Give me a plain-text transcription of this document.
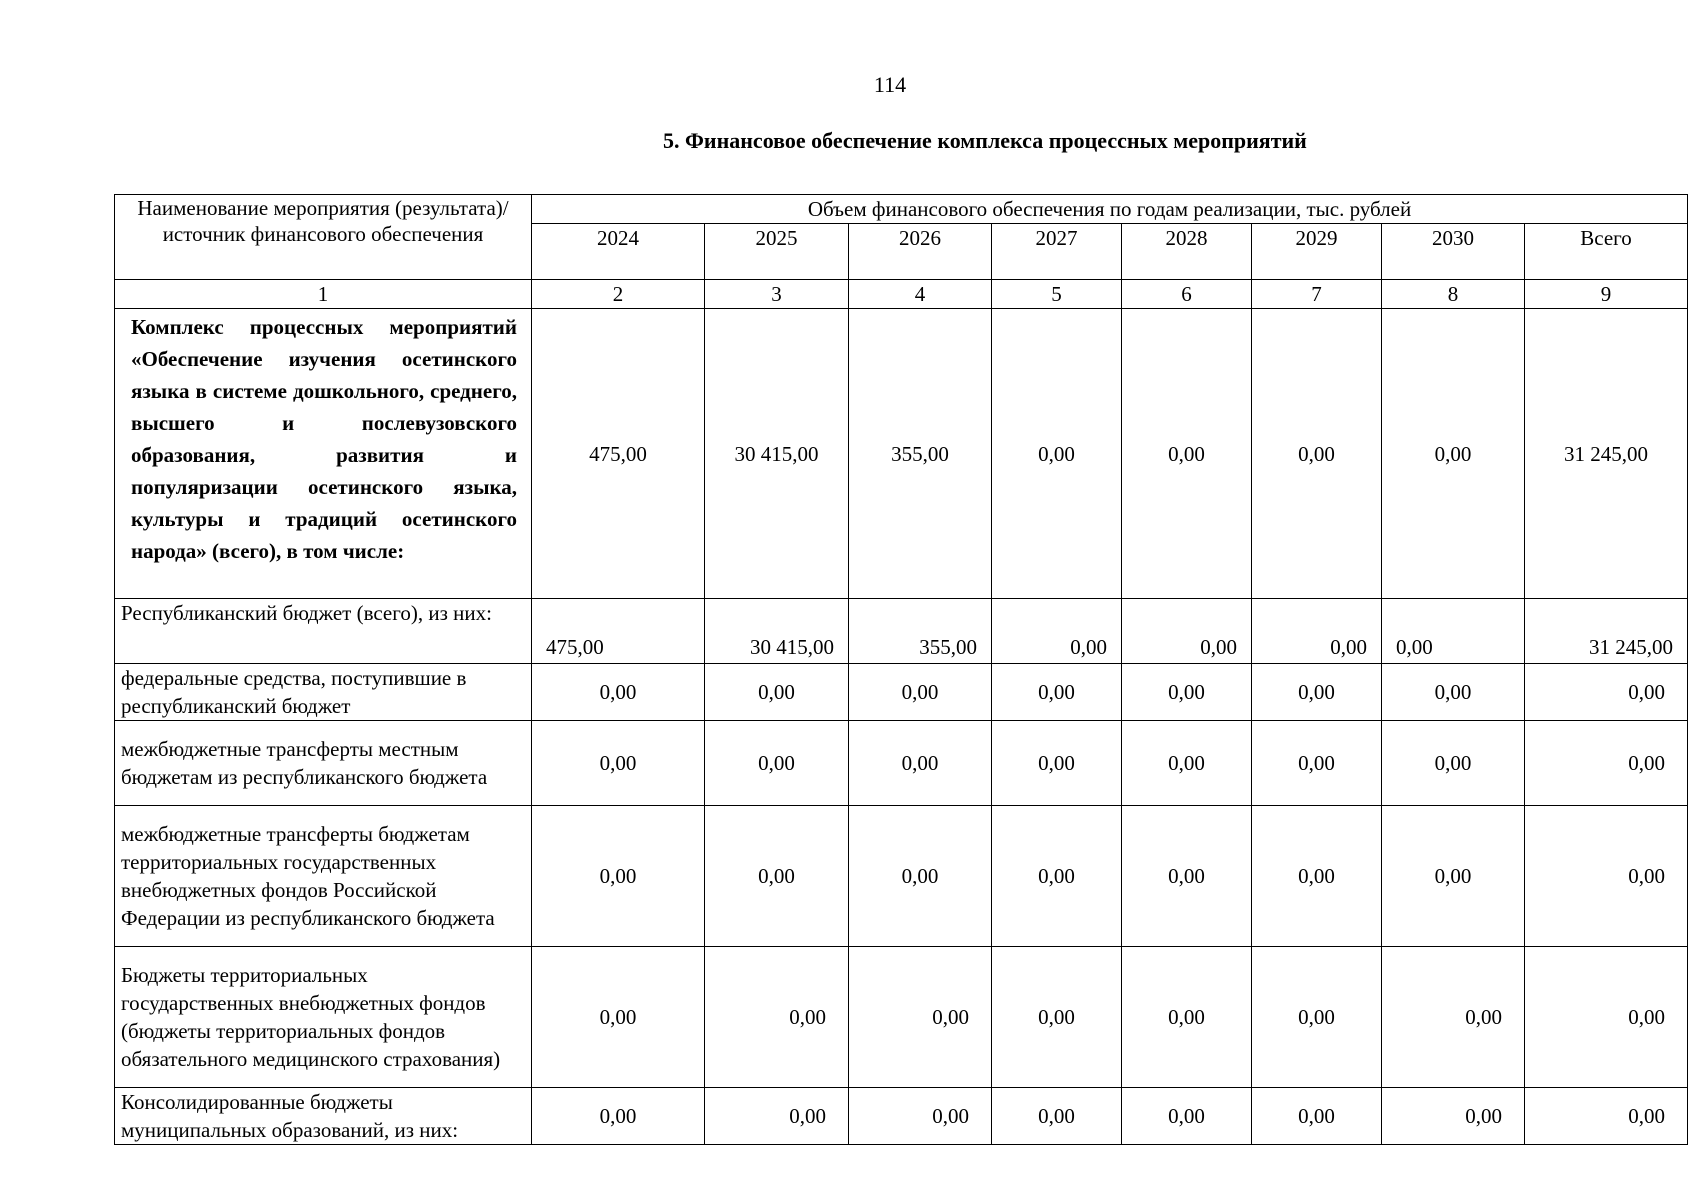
114
5. Финансовое обеспечение комплекса процессных мероприятий
Наименование мероприятия (результата)/источник финансового обеспечения	Объем финансового обеспечения по годам реализации, тыс. рублей							
	2024	2025	2026	2027	2028	2029	2030	Всего
1	2	3	4	5	6	7	8	9
Комплекс процессных мероприятий «Обеспечение изучения осетинского языка в системе дошкольного, среднего, высшего и послевузовского образования, развития и популяризации осетинского языка, культуры и традиций осетинского народа» (всего), в том числе:	475,00	30 415,00	355,00	0,00	0,00	0,00	0,00	31 245,00
Республиканский бюджет (всего), из них:	475,00	30 415,00	355,00	0,00	0,00	0,00	0,00	31 245,00
федеральные средства, поступившие в республиканский бюджет	0,00	0,00	0,00	0,00	0,00	0,00	0,00	0,00
межбюджетные трансферты местным бюджетам из республиканского бюджета	0,00	0,00	0,00	0,00	0,00	0,00	0,00	0,00
межбюджетные трансферты бюджетам территориальных государственных внебюджетных фондов Российской Федерации из республиканского бюджета	0,00	0,00	0,00	0,00	0,00	0,00	0,00	0,00
Бюджеты территориальных государственных внебюджетных фондов (бюджеты территориальных фондов обязательного медицинского страхования)	0,00	0,00	0,00	0,00	0,00	0,00	0,00	0,00
Консолидированные бюджеты муниципальных образований, из них:	0,00	0,00	0,00	0,00	0,00	0,00	0,00	0,00
